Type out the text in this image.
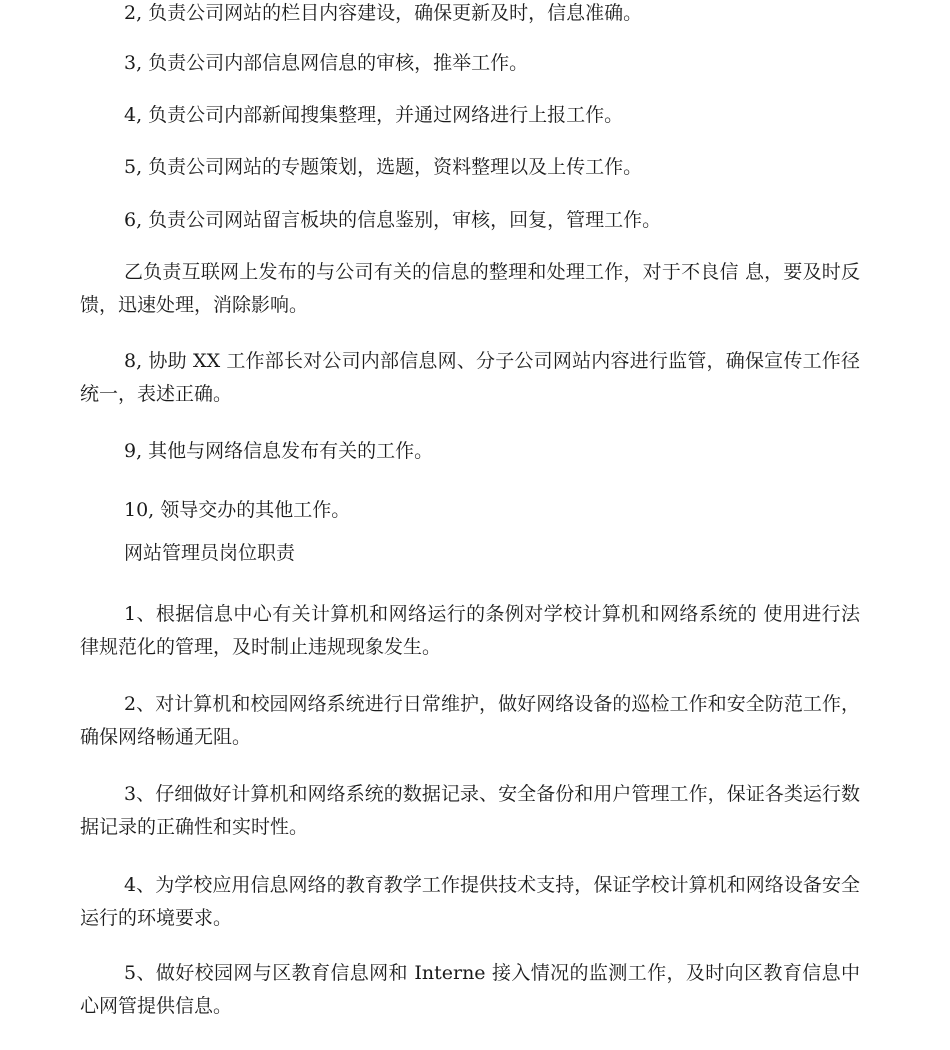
2, 负责公司网站的栏目内容建设，确保更新及时，信息准确。

3, 负责公司内部信息网信息的审核，推举工作。

4, 负责公司内部新闻搜集整理，并通过网络进行上报工作。

5, 负责公司网站的专题策划，选题，资料整理以及上传工作。

6, 负责公司网站留言板块的信息鉴别，审核，回复，管理工作。

乙负责互联网上发布的与公司有关的信息的整理和处理工作，对于不良信 息，要及时反馈，迅速处理，消除影响。

8, 协助 XX 工作部长对公司内部信息网、分子公司网站内容进行监管，确保宣传工作径统一，表述正确。

9, 其他与网络信息发布有关的工作。

10, 领导交办的其他工作。

网站管理员岗位职责

1、根据信息中心有关计算机和网络运行的条例对学校计算机和网络系统的 使用进行法律规范化的管理，及时制止违规现象发生。

2、对计算机和校园网络系统进行日常维护，做好网络设备的巡检工作和安全防范工作，确保网络畅通无阻。

3、仔细做好计算机和网络系统的数据记录、安全备份和用户管理工作，保证各类运行数据记录的正确性和实时性。

4、为学校应用信息网络的教育教学工作提供技术支持，保证学校计算机和网络设备安全运行的环境要求。

5、做好校园网与区教育信息网和 Interne 接入情况的监测工作，及时向区教育信息中心网管提供信息。
